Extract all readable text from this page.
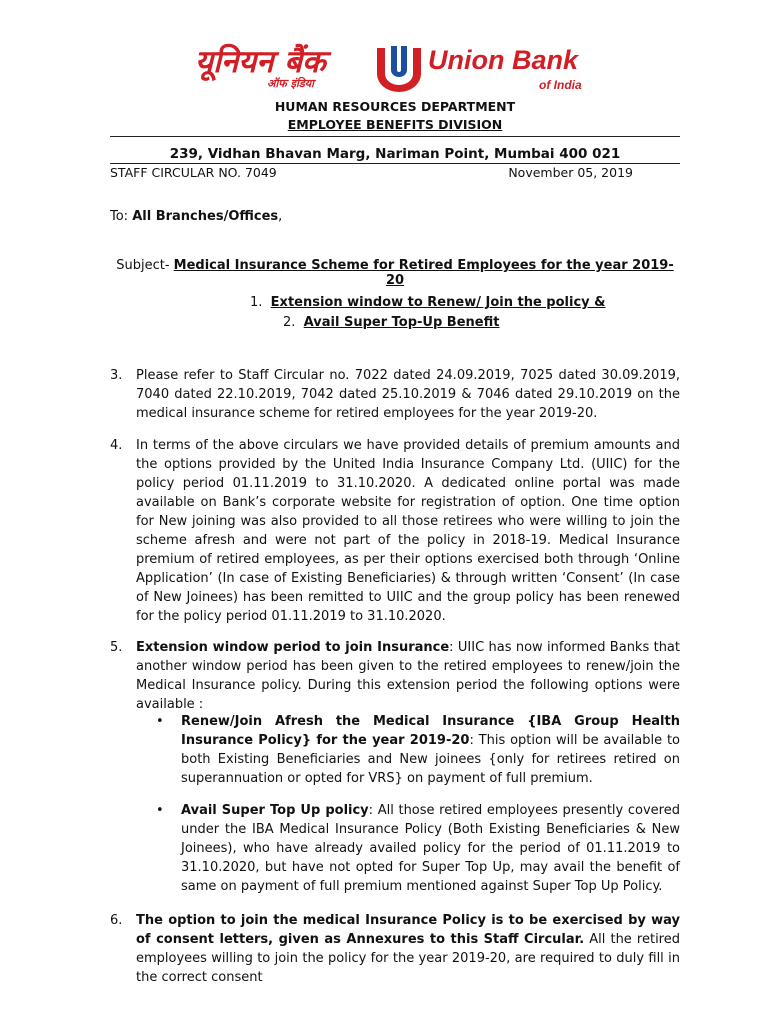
यूनियन बैंक
ऑफ इंडिया
Union Bank
of India
HUMAN RESOURCES DEPARTMENT
EMPLOYEE BENEFITS DIVISION
239, Vidhan Bhavan Marg, Nariman Point, Mumbai 400 021
STAFF CIRCULAR NO. 7049	November 05, 2019
To: All Branches/Offices,
Subject- Medical Insurance Scheme for Retired Employees for the year 2019-20
1. Extension window to Renew/ Join the policy &
2. Avail Super Top-Up Benefit
3. Please refer to Staff Circular no. 7022 dated 24.09.2019, 7025 dated 30.09.2019, 7040 dated 22.10.2019, 7042 dated 25.10.2019 & 7046 dated 29.10.2019 on the medical insurance scheme for retired employees for the year 2019-20.
4. In terms of the above circulars we have provided details of premium amounts and the options provided by the United India Insurance Company Ltd. (UIIC) for the policy period 01.11.2019 to 31.10.2020. A dedicated online portal was made available on Bank’s corporate website for registration of option. One time option for New joining was also provided to all those retirees who were willing to join the scheme afresh and were not part of the policy in 2018-19. Medical Insurance premium of retired employees, as per their options exercised both through ‘Online Application’ (In case of Existing Beneficiaries) & through written ‘Consent’ (In case of New Joinees) has been remitted to UIIC and the group policy has been renewed for the policy period 01.11.2019 to 31.10.2020.
5. Extension window period to join Insurance: UIIC has now informed Banks that another window period has been given to the retired employees to renew/join the Medical Insurance policy. During this extension period the following options were available :
• Renew/Join Afresh the Medical Insurance {IBA Group Health Insurance Policy} for the year 2019-20: This option will be available to both Existing Beneficiaries and New joinees {only for retirees retired on superannuation or opted for VRS} on payment of full premium.
• Avail Super Top Up policy: All those retired employees presently covered under the IBA Medical Insurance Policy (Both Existing Beneficiaries & New Joinees), who have already availed policy for the period of 01.11.2019 to 31.10.2020, but have not opted for Super Top Up, may avail the benefit of same on payment of full premium mentioned against Super Top Up Policy.
6. The option to join the medical Insurance Policy is to be exercised by way of consent letters, given as Annexures to this Staff Circular. All the retired employees willing to join the policy for the year 2019-20, are required to duly fill in the correct consent
